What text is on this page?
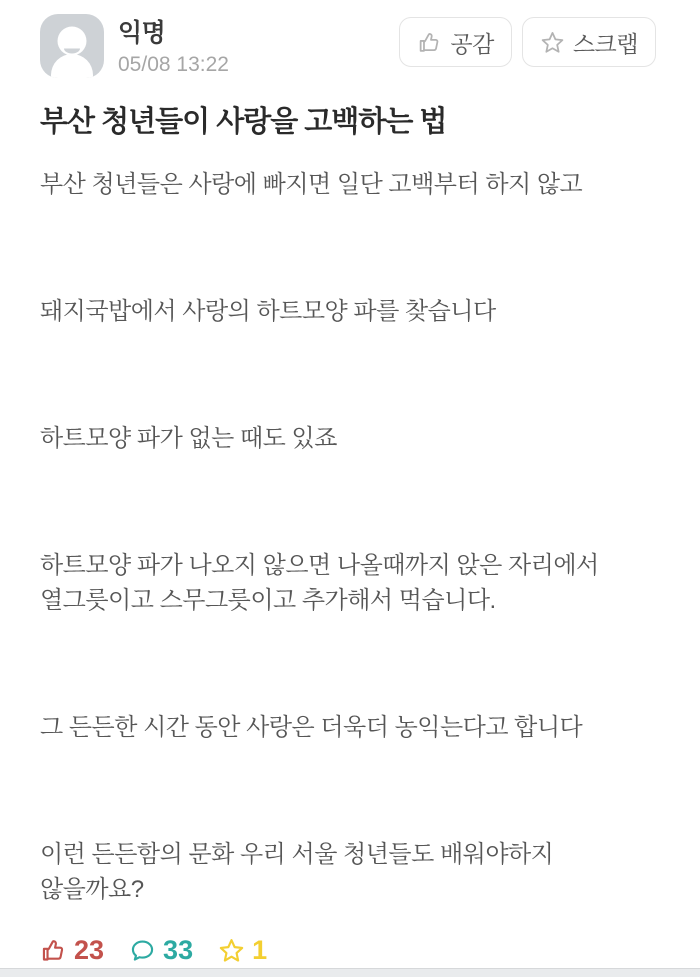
익명
05/08 13:22
공감	스크랩
부산 청년들이 사랑을 고백하는 법

부산 청년들은 사랑에 빠지면 일단 고백부터 하지 않고

돼지국밥에서 사랑의 하트모양 파를 찾습니다

하트모양 파가 없는 때도 있죠

하트모양 파가 나오지 않으면 나올때까지 앉은 자리에서 열그릇이고 스무그릇이고 추가해서 먹습니다.

그 든든한 시간 동안 사랑은 더욱더 농익는다고 합니다

이런 든든함의 문화 우리 서울 청년들도 배워야하지 않을까요?

23 33 1
